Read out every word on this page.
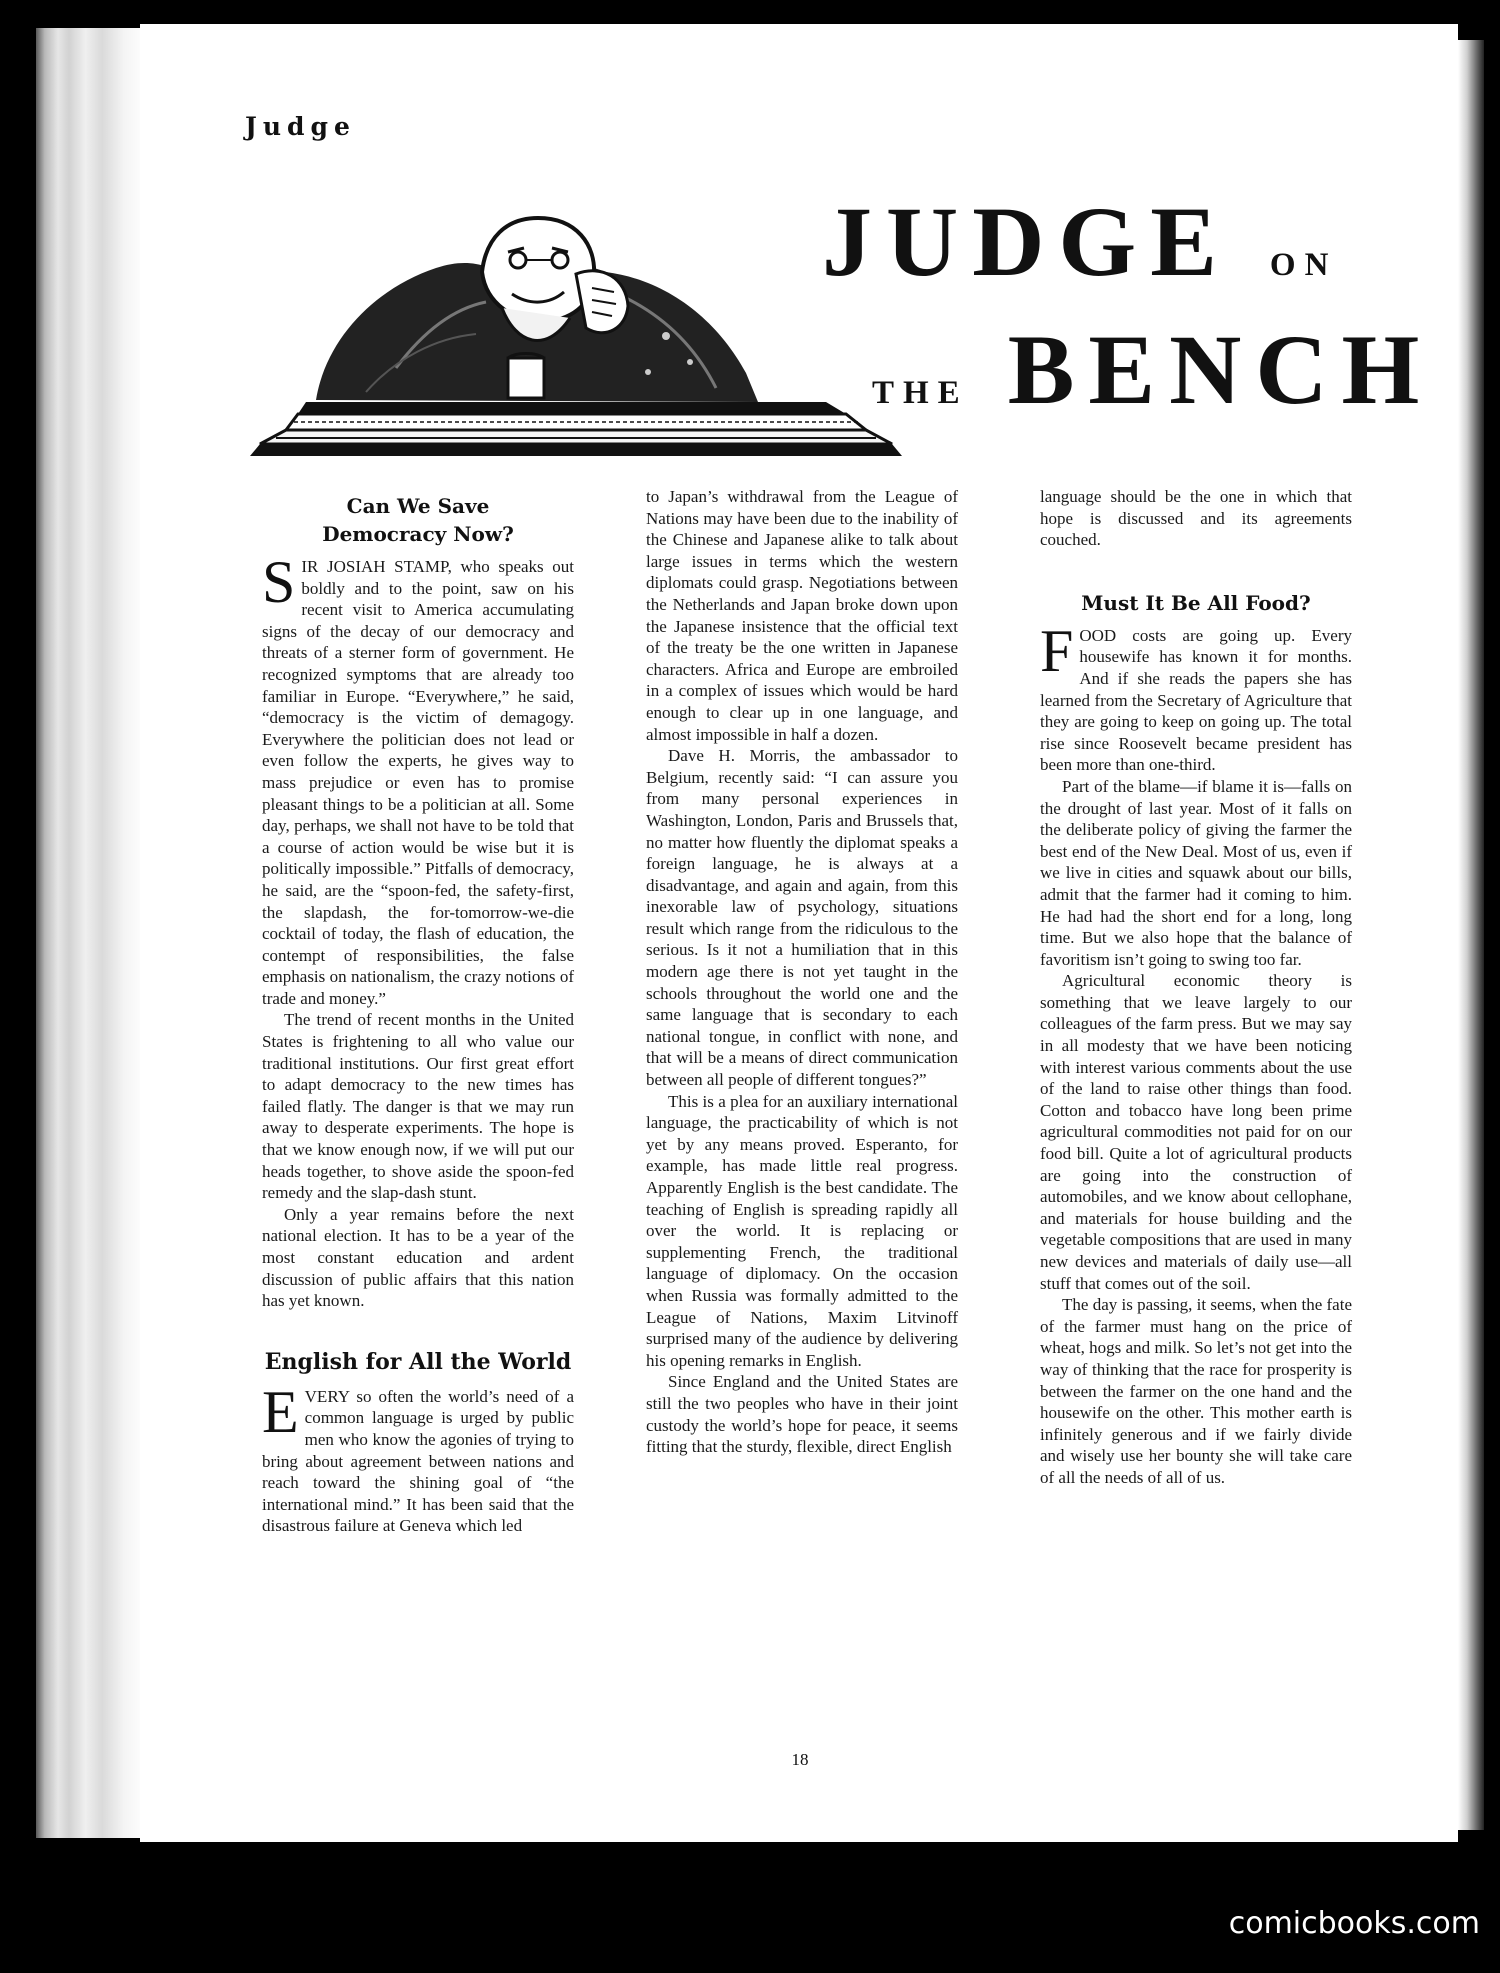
Judge

JUDGE ON
THE BENCH
Can We Save
Democracy Now?

SIR JOSIAH STAMP, who speaks out boldly and to the point, saw on his recent visit to America accumulating signs of the decay of our democracy and threats of a sterner form of government. He recognized symptoms that are already too familiar in Europe. “Everywhere,” he said, “democracy is the victim of demagogy. Everywhere the politician does not lead or even follow the experts, he gives way to mass prejudice or even has to promise pleasant things to be a politician at all. Some day, perhaps, we shall not have to be told that a course of action would be wise but it is politically impossible.” Pitfalls of democracy, he said, are the “spoon-fed, the safety-first, the slapdash, the for-tomorrow-we-die cocktail of today, the flash of education, the contempt of responsibilities, the false emphasis on nationalism, the crazy notions of trade and money.”

The trend of recent months in the United States is frightening to all who value our traditional institutions. Our first great effort to adapt democracy to the new times has failed flatly. The danger is that we may run away to desperate experiments. The hope is that we know enough now, if we will put our heads together, to shove aside the spoon-fed remedy and the slap-dash stunt.

Only a year remains before the next national election. It has to be a year of the most constant education and ardent discussion of public affairs that this nation has yet known.

English for All the World

EVERY so often the world’s need of a common language is urged by public men who know the agonies of trying to bring about agreement between nations and reach toward the shining goal of “the international mind.” It has been said that the disastrous failure at Geneva which led

to Japan’s withdrawal from the League of Nations may have been due to the inability of the Chinese and Japanese alike to talk about large issues in terms which the western diplomats could grasp. Negotiations between the Netherlands and Japan broke down upon the Japanese insistence that the official text of the treaty be the one written in Japanese characters. Africa and Europe are embroiled in a complex of issues which would be hard enough to clear up in one language, and almost impossible in half a dozen.

Dave H. Morris, the ambassador to Belgium, recently said: “I can assure you from many personal experiences in Washington, London, Paris and Brussels that, no matter how fluently the diplomat speaks a foreign language, he is always at a disadvantage, and again and again, from this inexorable law of psychology, situations result which range from the ridiculous to the serious. Is it not a humiliation that in this modern age there is not yet taught in the schools throughout the world one and the same language that is secondary to each national tongue, in conflict with none, and that will be a means of direct communication between all people of different tongues?”

This is a plea for an auxiliary international language, the practicability of which is not yet by any means proved. Esperanto, for example, has made little real progress. Apparently English is the best candidate. The teaching of English is spreading rapidly all over the world. It is replacing or supplementing French, the traditional language of diplomacy. On the occasion when Russia was formally admitted to the League of Nations, Maxim Litvinoff surprised many of the audience by delivering his opening remarks in English.

Since England and the United States are still the two peoples who have in their joint custody the world’s hope for peace, it seems fitting that the sturdy, flexible, direct English

language should be the one in which that hope is discussed and its agreements couched.

Must It Be All Food?

FOOD costs are going up. Every housewife has known it for months. And if she reads the papers she has learned from the Secretary of Agriculture that they are going to keep on going up. The total rise since Roosevelt became president has been more than one-third.

Part of the blame—if blame it is—falls on the drought of last year. Most of it falls on the deliberate policy of giving the farmer the best end of the New Deal. Most of us, even if we live in cities and squawk about our bills, admit that the farmer had it coming to him. He had had the short end for a long, long time. But we also hope that the balance of favoritism isn’t going to swing too far.

Agricultural economic theory is something that we leave largely to our colleagues of the farm press. But we may say in all modesty that we have been noticing with interest various comments about the use of the land to raise other things than food. Cotton and tobacco have long been prime agricultural commodities not paid for on our food bill. Quite a lot of agricultural products are going into the construction of automobiles, and we know about cellophane, and materials for house building and the vegetable compositions that are used in many new devices and materials of daily use—all stuff that comes out of the soil.

The day is passing, it seems, when the fate of the farmer must hang on the price of wheat, hogs and milk. So let’s not get into the way of thinking that the race for prosperity is between the farmer on the one hand and the housewife on the other. This mother earth is infinitely generous and if we fairly divide and wisely use her bounty she will take care of all the needs of all of us.

18

comicbooks.com
